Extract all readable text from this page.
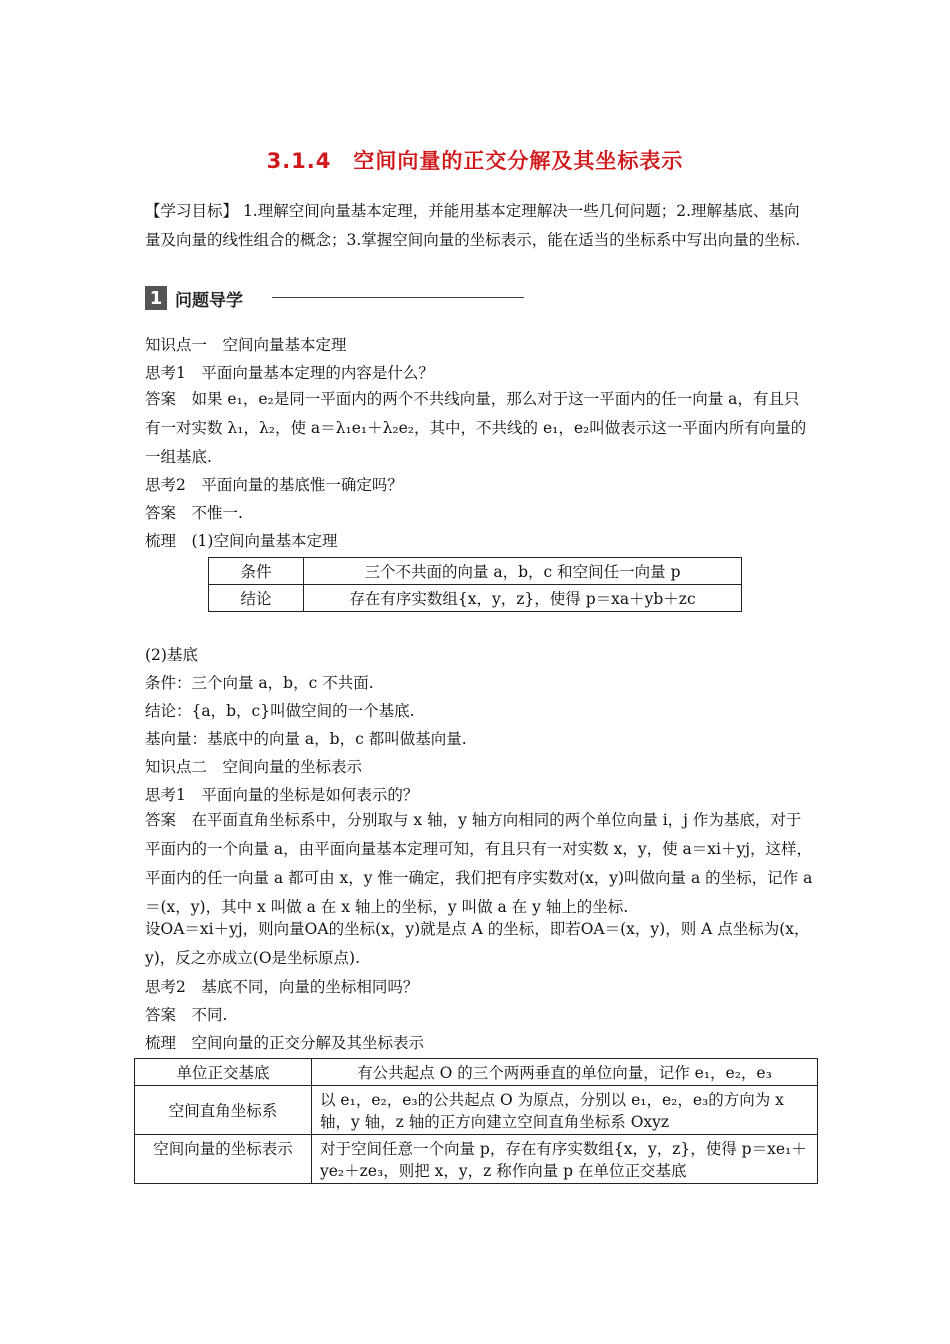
3.1.4　空间向量的正交分解及其坐标表示
【学习目标】 1.理解空间向量基本定理，并能用基本定理解决一些几何问题；2.理解基底、基向量及向量的线性组合的概念；3.掌握空间向量的坐标表示，能在适当的坐标系中写出向量的坐标.
1 问题导学
知识点一　空间向量基本定理
思考1　平面向量基本定理的内容是什么？
答案　如果 e₁，e₂是同一平面内的两个不共线向量，那么对于这一平面内的任一向量 a，有且只有一对实数 λ₁，λ₂，使 a＝λ₁e₁＋λ₂e₂，其中，不共线的 e₁，e₂叫做表示这一平面内所有向量的一组基底.
思考2　平面向量的基底惟一确定吗？
答案　不惟一.
梳理　(1)空间向量基本定理
条件	三个不共面的向量 a，b，c 和空间任一向量 p
结论	存在有序实数组{x，y，z}，使得 p＝xa＋yb＋zc
(2)基底
条件：三个向量 a，b，c 不共面.
结论：{a，b，c}叫做空间的一个基底.
基向量：基底中的向量 a，b，c 都叫做基向量.
知识点二　空间向量的坐标表示
思考1　平面向量的坐标是如何表示的？
答案　在平面直角坐标系中，分别取与 x 轴，y 轴方向相同的两个单位向量 i，j 作为基底，对于平面内的一个向量 a，由平面向量基本定理可知，有且只有一对实数 x，y，使 a＝xi＋yj，这样，平面内的任一向量 a 都可由 x，y 惟一确定，我们把有序实数对(x，y)叫做向量 a 的坐标，记作 a＝(x，y)，其中 x 叫做 a 在 x 轴上的坐标，y 叫做 a 在 y 轴上的坐标.
设OA＝xi＋yj，则向量OA的坐标(x，y)就是点 A 的坐标，即若OA＝(x，y)，则 A 点坐标为(x，y)，反之亦成立(O是坐标原点).
思考2　基底不同，向量的坐标相同吗？
答案　不同.
梳理　空间向量的正交分解及其坐标表示
单位正交基底	有公共起点 O 的三个两两垂直的单位向量，记作 e₁，e₂，e₃
空间直角坐标系	以 e₁，e₂，e₃的公共起点 O 为原点，分别以 e₁，e₂，e₃的方向为 x 轴，y 轴，z 轴的正方向建立空间直角坐标系 Oxyz
空间向量的坐标表示	对于空间任意一个向量 p，存在有序实数组{x，y，z}，使得 p＝xe₁＋ye₂＋ze₃，则把 x，y，z 称作向量 p 在单位正交基底
